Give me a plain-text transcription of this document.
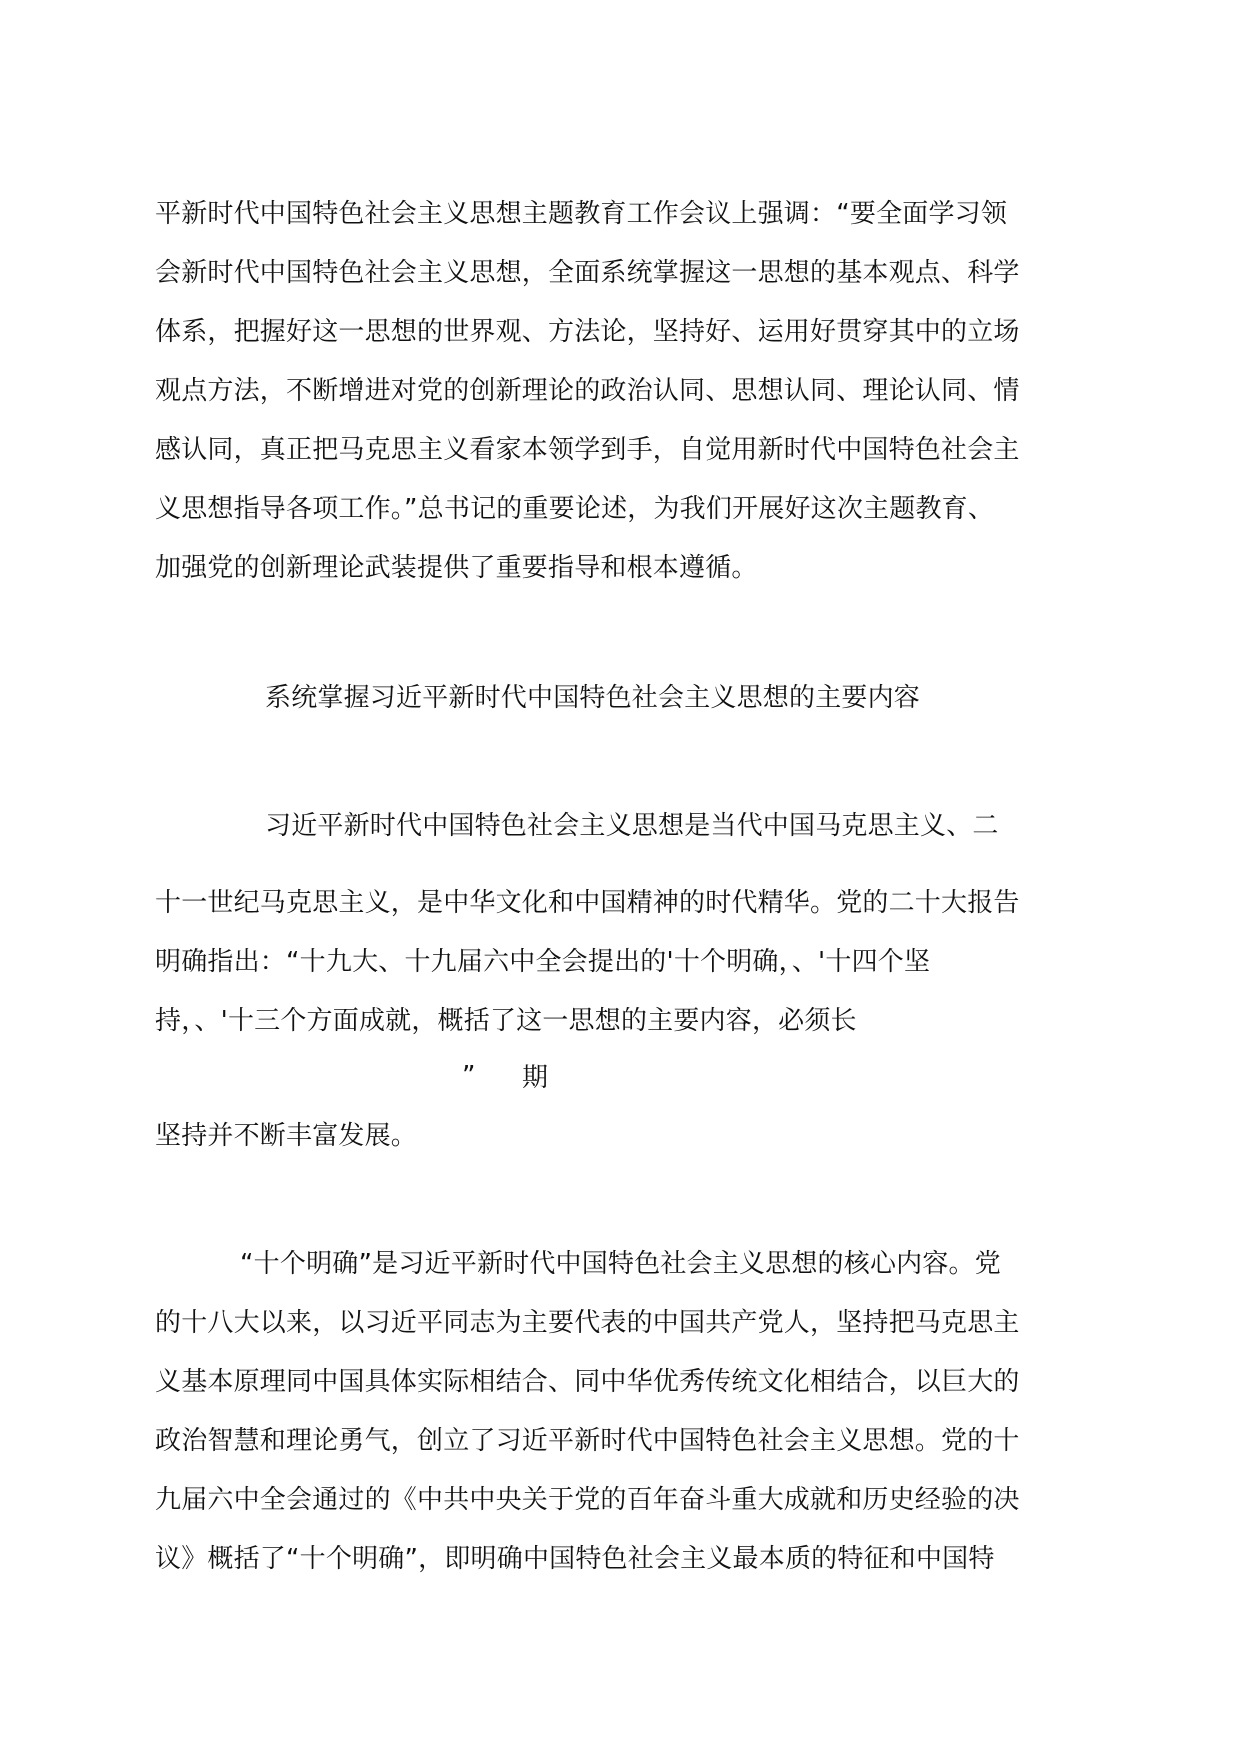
平新时代中国特色社会主义思想主题教育工作会议上强调：“要全面学习领
会新时代中国特色社会主义思想，全面系统掌握这一思想的基本观点、科学
体系，把握好这一思想的世界观、方法论，坚持好、运用好贯穿其中的立场
观点方法，不断增进对党的创新理论的政治认同、思想认同、理论认同、情
感认同，真正把马克思主义看家本领学到手，自觉用新时代中国特色社会主
义思想指导各项工作。”总书记的重要论述，为我们开展好这次主题教育、
加强党的创新理论武装提供了重要指导和根本遵循。
系统掌握习近平新时代中国特色社会主义思想的主要内容
习近平新时代中国特色社会主义思想是当代中国马克思主义、二
十一世纪马克思主义，是中华文化和中国精神的时代精华。党的二十大报告
明确指出：“十九大、十九届六中全会提出的'十个明确，、'十四个坚
持，、'十三个方面成就，概括了这一思想的主要内容，必须长
” 期
坚持并不断丰富发展。
“十个明确”是习近平新时代中国特色社会主义思想的核心内容。党
的十八大以来，以习近平同志为主要代表的中国共产党人，坚持把马克思主
义基本原理同中国具体实际相结合、同中华优秀传统文化相结合，以巨大的
政治智慧和理论勇气，创立了习近平新时代中国特色社会主义思想。党的十
九届六中全会通过的《中共中央关于党的百年奋斗重大成就和历史经验的决
议》概括了“十个明确”，即明确中国特色社会主义最本质的特征和中国特
